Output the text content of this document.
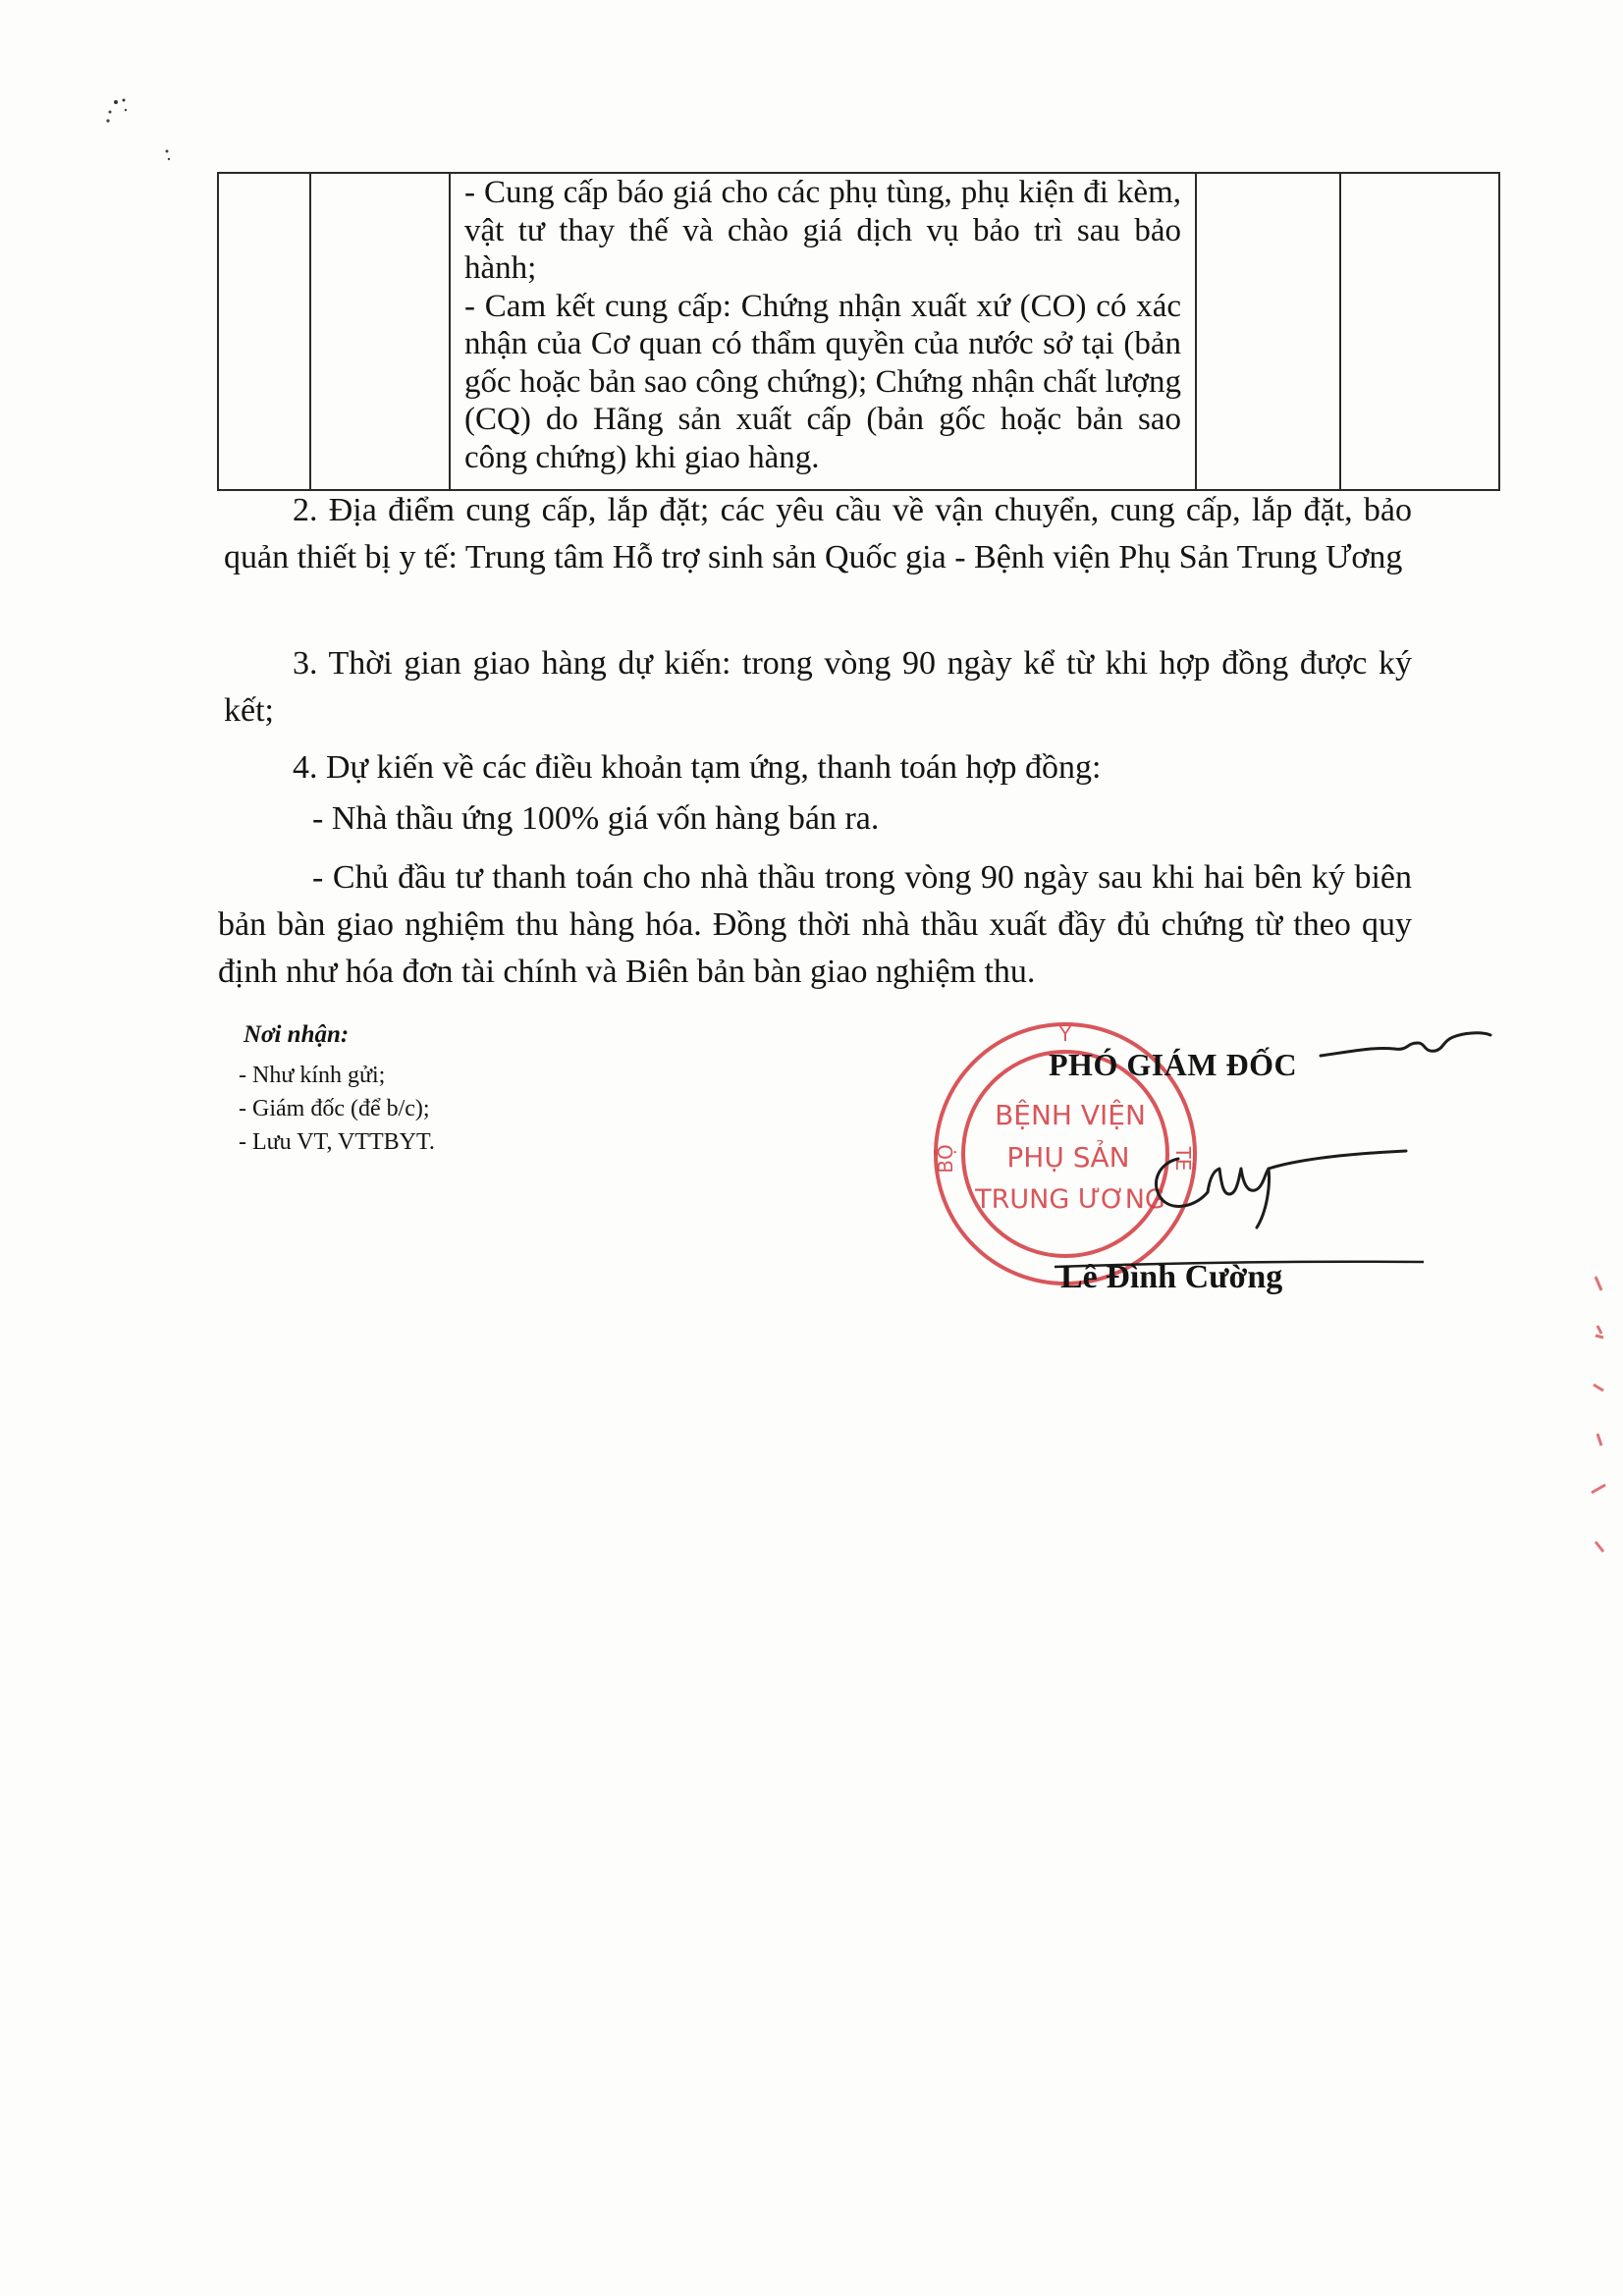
- Cung cấp báo giá cho các phụ tùng, phụ kiện đi kèm, vật tư thay thế và chào giá dịch vụ bảo trì sau bảo hành;

- Cam kết cung cấp: Chứng nhận xuất xứ (CO) có xác nhận của Cơ quan có thẩm quyền của nước sở tại (bản gốc hoặc bản sao công chứng); Chứng nhận chất lượng (CQ) do Hãng sản xuất cấp (bản gốc hoặc bản sao công chứng) khi giao hàng.

2. Địa điểm cung cấp, lắp đặt; các yêu cầu về vận chuyển, cung cấp, lắp đặt, bảo quản thiết bị y tế: Trung tâm Hỗ trợ sinh sản Quốc gia - Bệnh viện Phụ Sản Trung Ương
3. Thời gian giao hàng dự kiến: trong vòng 90 ngày kể từ khi hợp đồng được ký kết;
4. Dự kiến về các điều khoản tạm ứng, thanh toán hợp đồng:
- Nhà thầu ứng 100% giá vốn hàng bán ra.
- Chủ đầu tư thanh toán cho nhà thầu trong vòng 90 ngày sau khi hai bên ký biên bản bàn giao nghiệm thu hàng hóa. Đồng thời nhà thầu xuất đầy đủ chứng từ theo quy định như hóa đơn tài chính và Biên bản bàn giao nghiệm thu.
Nơi nhận:
- Như kính gửi;
- Giám đốc (để b/c);
- Lưu VT, VTTBYT.
Y
TẾ
BỘ
BỆNH VIỆN
PHỤ SẢN
TRUNG ƯƠNG
PHÓ GIÁM ĐỐC
Lê Đình Cường
